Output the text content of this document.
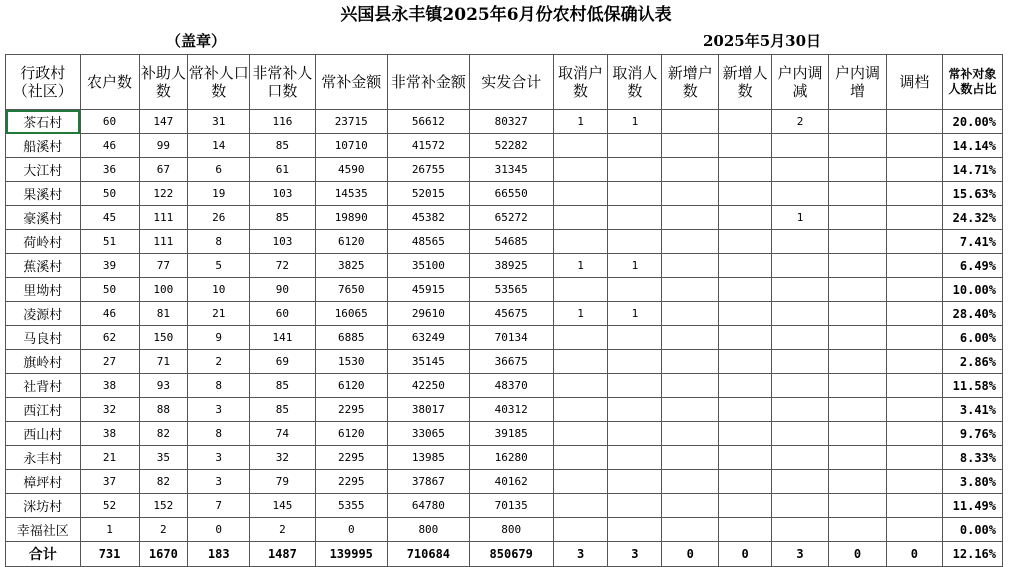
兴国县永丰镇2025年6月份农村低保确认表
（盖章）	2025年5月30日
行政村（社区）	农户数	补助人数	常补人口数	非常补人口数	常补金额	非常补金额	实发合计	取消户数	取消人数	新增户数	新增人数	户内调减	户内调增	调档	常补对象人数占比
茶石村	60	147	31	116	23715	56612	80327	1	1			2			20.00%
船溪村	46	99	14	85	10710	41572	52282								14.14%
大江村	36	67	6	61	4590	26755	31345								14.71%
果溪村	50	122	19	103	14535	52015	66550								15.63%
豪溪村	45	111	26	85	19890	45382	65272					1			24.32%
荷岭村	51	111	8	103	6120	48565	54685								7.41%
蕉溪村	39	77	5	72	3825	35100	38925	1	1						6.49%
里坳村	50	100	10	90	7650	45915	53565								10.00%
凌源村	46	81	21	60	16065	29610	45675	1	1						28.40%
马良村	62	150	9	141	6885	63249	70134								6.00%
旗岭村	27	71	2	69	1530	35145	36675								2.86%
社背村	38	93	8	85	6120	42250	48370								11.58%
西江村	32	88	3	85	2295	38017	40312								3.41%
西山村	38	82	8	74	6120	33065	39185								9.76%
永丰村	21	35	3	32	2295	13985	16280								8.33%
樟坪村	37	82	3	79	2295	37867	40162								3.80%
洣坊村	52	152	7	145	5355	64780	70135								11.49%
幸福社区	1	2	0	2	0	800	800								0.00%
合计	731	1670	183	1487	139995	710684	850679	3	3	0	0	3	0	0	12.16%
